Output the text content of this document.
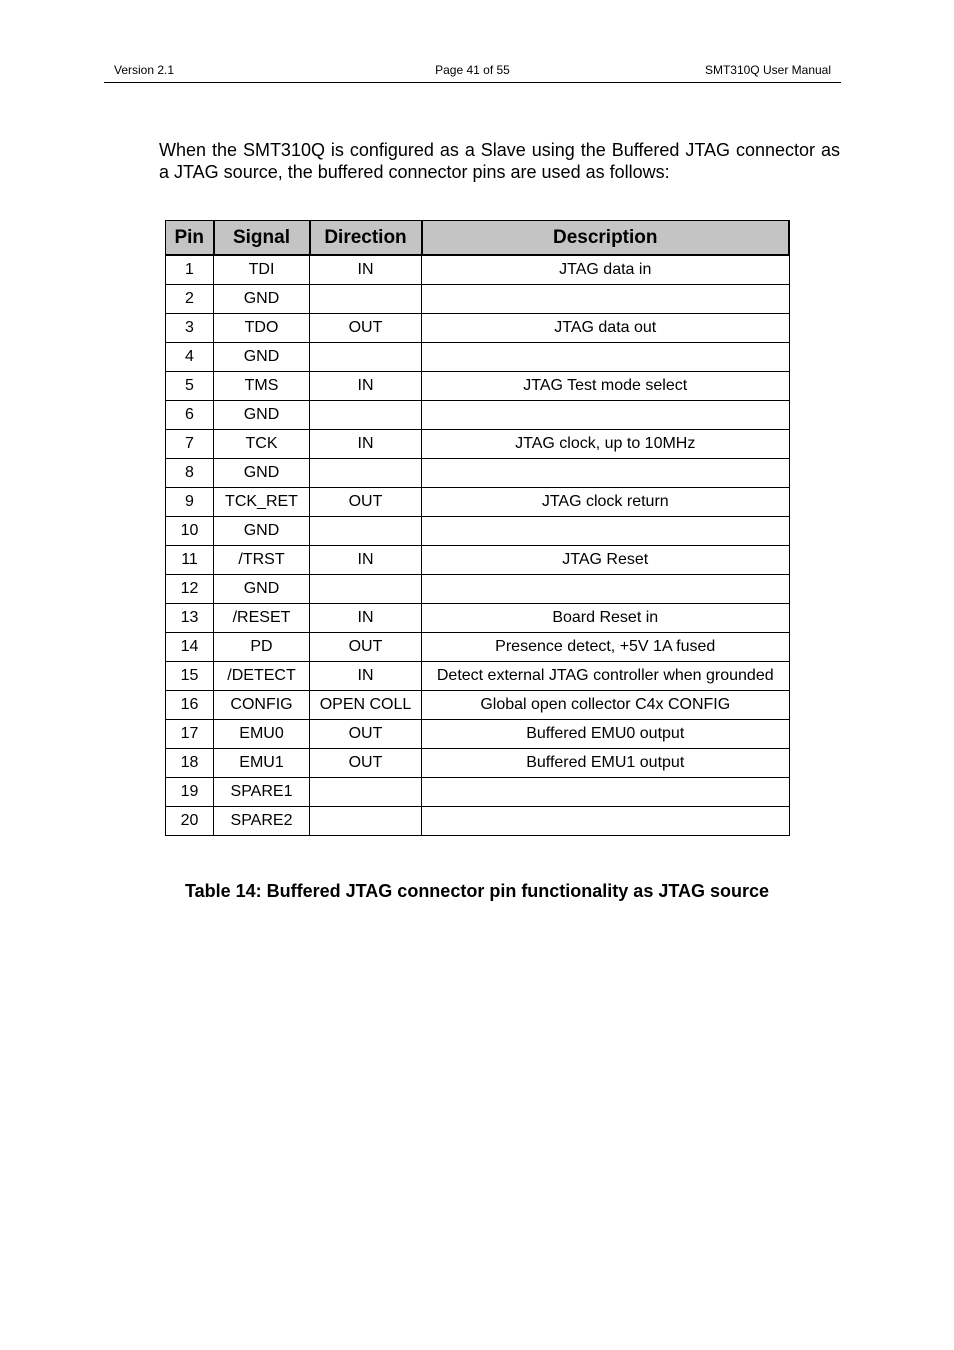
Version 2.1	Page 41 of 55	SMT310Q User Manual

When the SMT310Q is configured as a Slave using the Buffered JTAG connector as a JTAG source, the buffered connector pins are used as follows:

Pin	Signal	Direction	Description
1	TDI	IN	JTAG data in
2	GND		
3	TDO	OUT	JTAG data out
4	GND		
5	TMS	IN	JTAG Test mode select
6	GND		
7	TCK	IN	JTAG clock, up to 10MHz
8	GND		
9	TCK_RET	OUT	JTAG clock return
10	GND		
11	/TRST	IN	JTAG Reset
12	GND		
13	/RESET	IN	Board Reset in
14	PD	OUT	Presence detect, +5V 1A fused
15	/DETECT	IN	Detect external JTAG controller when grounded
16	CONFIG	OPEN COLL	Global open collector C4x CONFIG
17	EMU0	OUT	Buffered EMU0 output
18	EMU1	OUT	Buffered EMU1 output
19	SPARE1		
20	SPARE2		

Table 14: Buffered JTAG connector pin functionality as JTAG source
